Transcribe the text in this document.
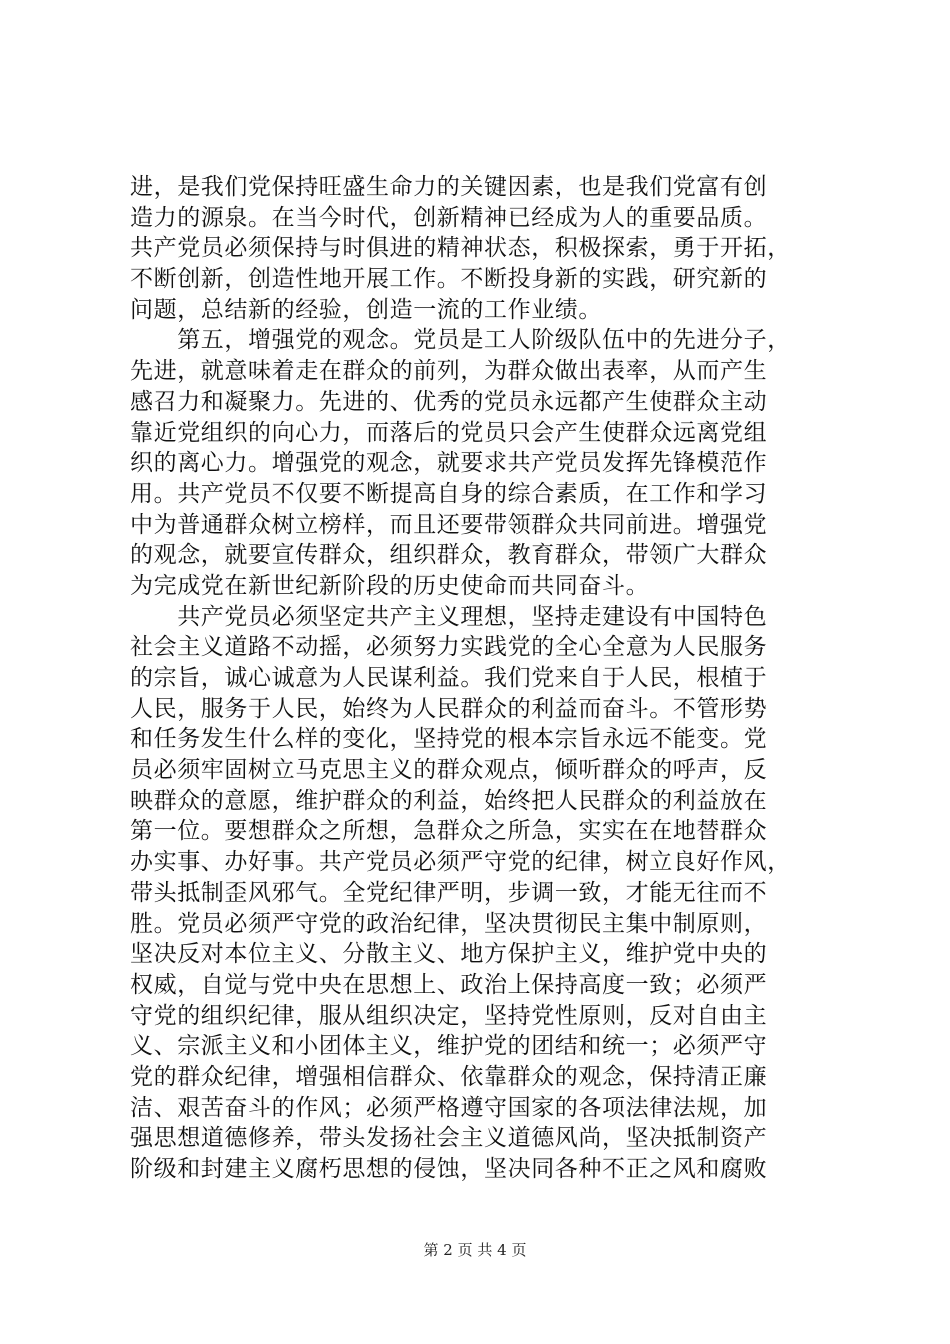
进，是我们党保持旺盛生命力的关键因素，也是我们党富有创
造力的源泉。在当今时代，创新精神已经成为人的重要品质。
共产党员必须保持与时俱进的精神状态，积极探索，勇于开拓，
不断创新，创造性地开展工作。不断投身新的实践，研究新的
问题，总结新的经验，创造一流的工作业绩。
　　第五，增强党的观念。党员是工人阶级队伍中的先进分子，
先进，就意味着走在群众的前列，为群众做出表率，从而产生
感召力和凝聚力。先进的、优秀的党员永远都产生使群众主动
靠近党组织的向心力，而落后的党员只会产生使群众远离党组
织的离心力。增强党的观念，就要求共产党员发挥先锋模范作
用。共产党员不仅要不断提高自身的综合素质，在工作和学习
中为普通群众树立榜样，而且还要带领群众共同前进。增强党
的观念，就要宣传群众，组织群众，教育群众，带领广大群众
为完成党在新世纪新阶段的历史使命而共同奋斗。
　　共产党员必须坚定共产主义理想，坚持走建设有中国特色
社会主义道路不动摇，必须努力实践党的全心全意为人民服务
的宗旨，诚心诚意为人民谋利益。我们党来自于人民，根植于
人民，服务于人民，始终为人民群众的利益而奋斗。不管形势
和任务发生什么样的变化，坚持党的根本宗旨永远不能变。党
员必须牢固树立马克思主义的群众观点，倾听群众的呼声，反
映群众的意愿，维护群众的利益，始终把人民群众的利益放在
第一位。要想群众之所想，急群众之所急，实实在在地替群众
办实事、办好事。共产党员必须严守党的纪律，树立良好作风，
带头抵制歪风邪气。全党纪律严明，步调一致，才能无往而不
胜。党员必须严守党的政治纪律，坚决贯彻民主集中制原则，
坚决反对本位主义、分散主义、地方保护主义，维护党中央的
权威，自觉与党中央在思想上、政治上保持高度一致；必须严
守党的组织纪律，服从组织决定，坚持党性原则，反对自由主
义、宗派主义和小团体主义，维护党的团结和统一；必须严守
党的群众纪律，增强相信群众、依靠群众的观念，保持清正廉
洁、艰苦奋斗的作风；必须严格遵守国家的各项法律法规，加
强思想道德修养，带头发扬社会主义道德风尚，坚决抵制资产
阶级和封建主义腐朽思想的侵蚀，坚决同各种不正之风和腐败
第 2 页 共 4 页
